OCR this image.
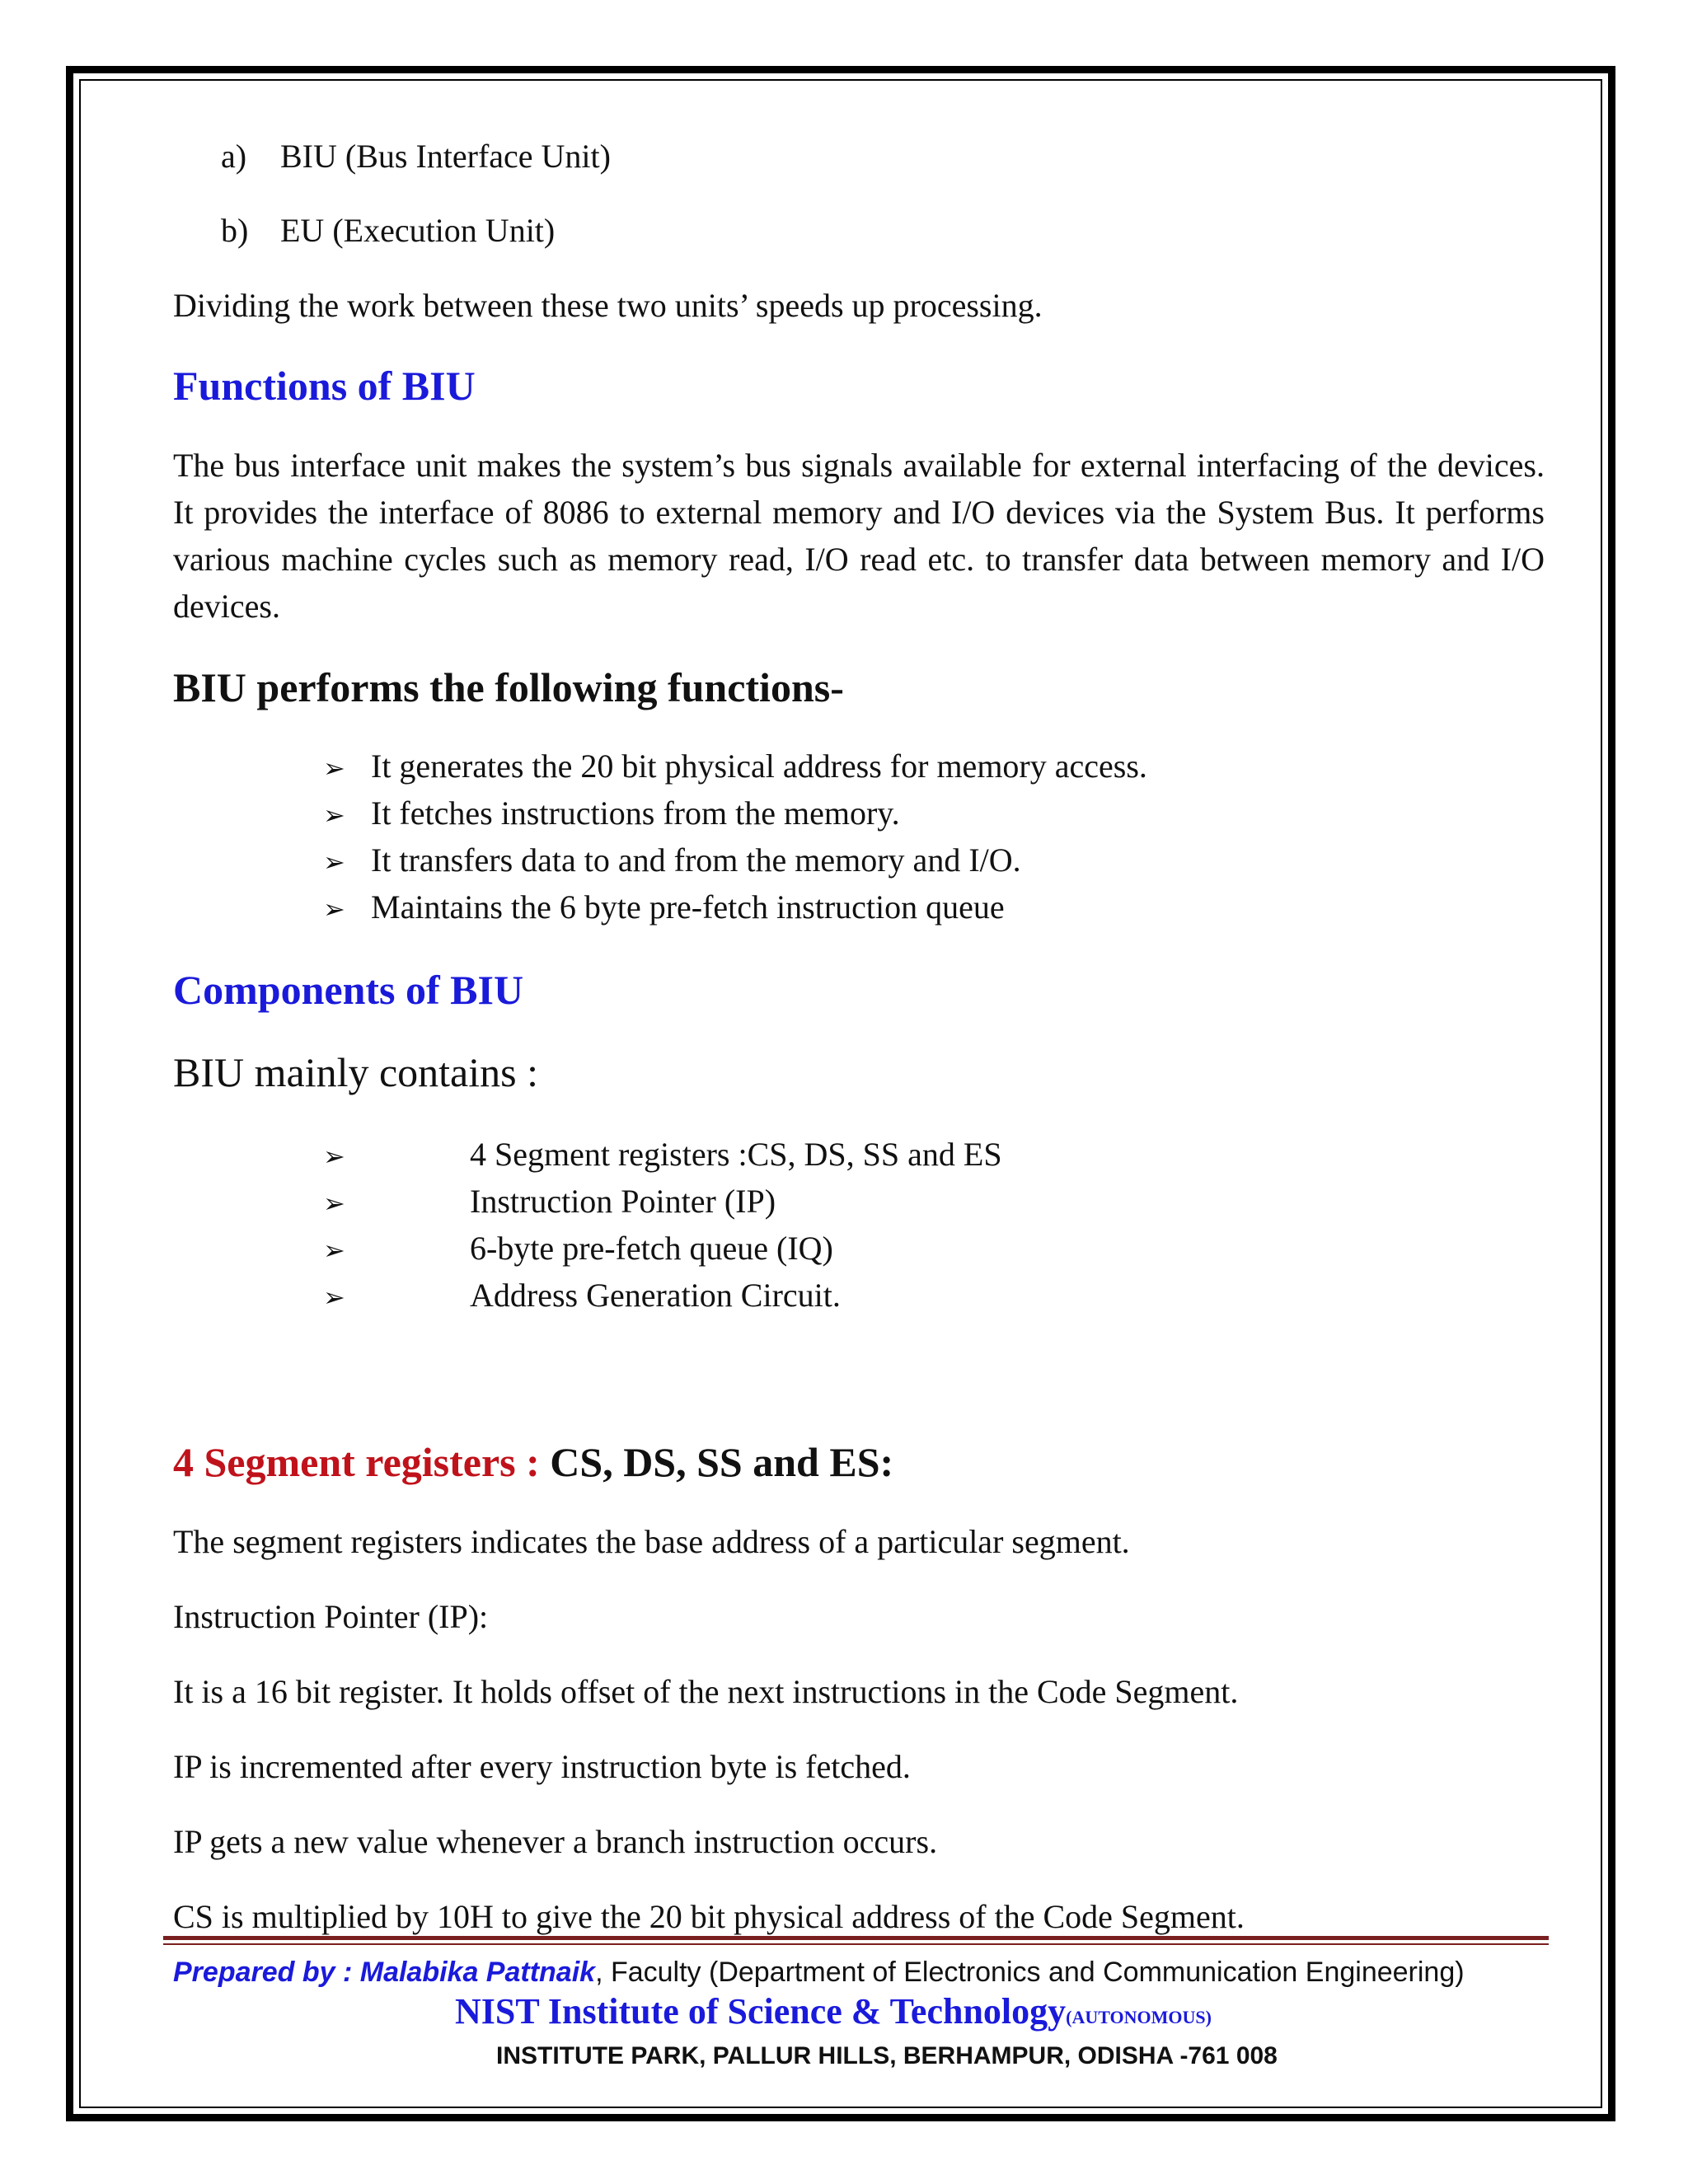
a) BIU (Bus Interface Unit)
b) EU (Execution Unit)
Dividing the work between these two units’ speeds up processing.
Functions of BIU
The bus interface unit makes the system’s bus signals available for external interfacing of the devices. It provides the interface of 8086 to external memory and I/O devices via the System Bus. It performs various machine cycles such as memory read, I/O read etc. to transfer data between memory and I/O devices.
BIU performs the following functions-
➢ It generates the 20 bit physical address for memory access.
➢ It fetches instructions from the memory.
➢ It transfers data to and from the memory and I/O.
➢ Maintains the 6 byte pre-fetch instruction queue
Components of BIU
BIU mainly contains :
➢	4 Segment registers :CS, DS, SS and ES
➢	Instruction Pointer (IP)
➢	6-byte pre-fetch queue (IQ)
➢	Address Generation Circuit.
4 Segment registers : CS, DS, SS and ES:
The segment registers indicates the base address of a particular segment.
Instruction Pointer (IP):
It is a 16 bit register. It holds offset of the next instructions in the Code Segment.
IP is incremented after every instruction byte is fetched.
IP gets a new value whenever a branch instruction occurs.
CS is multiplied by 10H to give the 20 bit physical address of the Code Segment.
Prepared by : Malabika Pattnaik, Faculty (Department of Electronics and Communication Engineering)
NIST Institute of Science & Technology(AUTONOMOUS)
INSTITUTE PARK, PALLUR HILLS, BERHAMPUR, ODISHA -761 008
